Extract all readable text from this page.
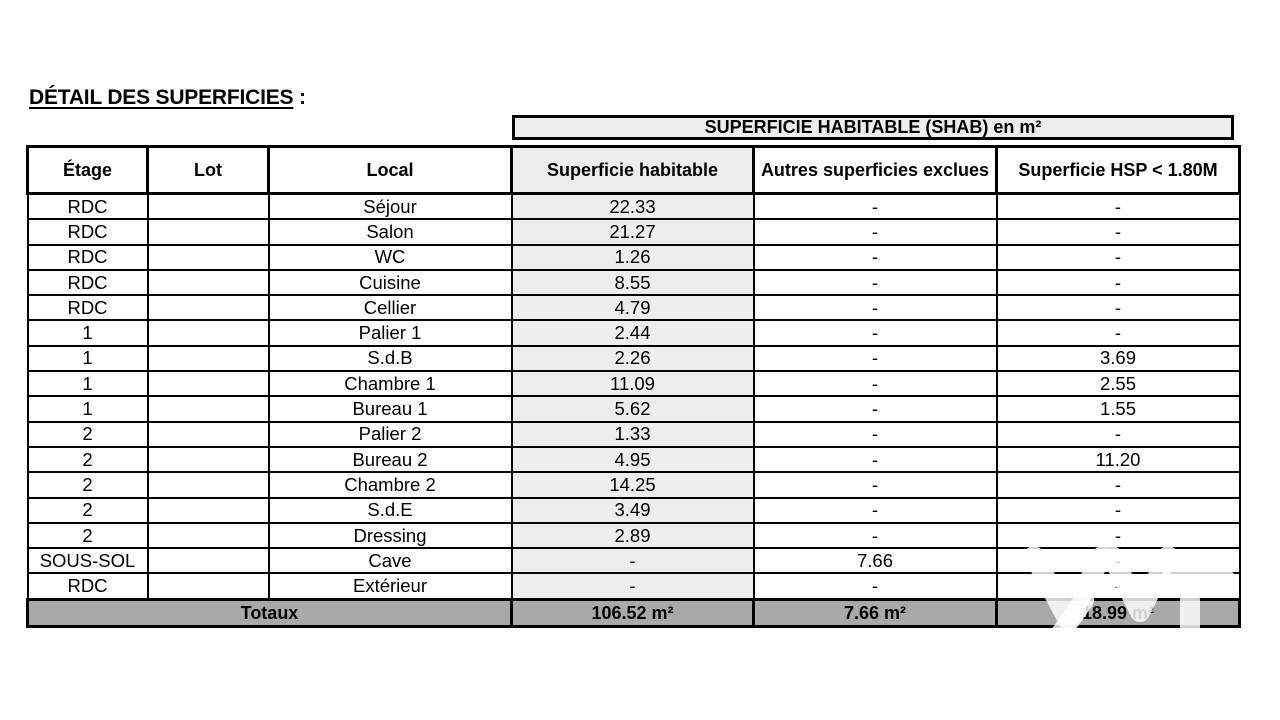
DÉTAIL DES SUPERFICIES :
SUPERFICIE HABITABLE (SHAB) en m²
Étage	Lot	Local	Superficie habitable	Autres superficies exclues	Superficie HSP < 1.80M
RDC		Séjour	22.33	-	-
RDC		Salon	21.27	-	-
RDC		WC	1.26	-	-
RDC		Cuisine	8.55	-	-
RDC		Cellier	4.79	-	-
1		Palier 1	2.44	-	-
1		S.d.B	2.26	-	3.69
1		Chambre 1	11.09	-	2.55
1		Bureau 1	5.62	-	1.55
2		Palier 2	1.33	-	-
2		Bureau 2	4.95	-	11.20
2		Chambre 2	14.25	-	-
2		S.d.E	3.49	-	-
2		Dressing	2.89	-	-
SOUS-SOL		Cave	-	7.66	-
RDC		Extérieur	-	-	-
Totaux			106.52 m²	7.66 m²	18.99 m²
